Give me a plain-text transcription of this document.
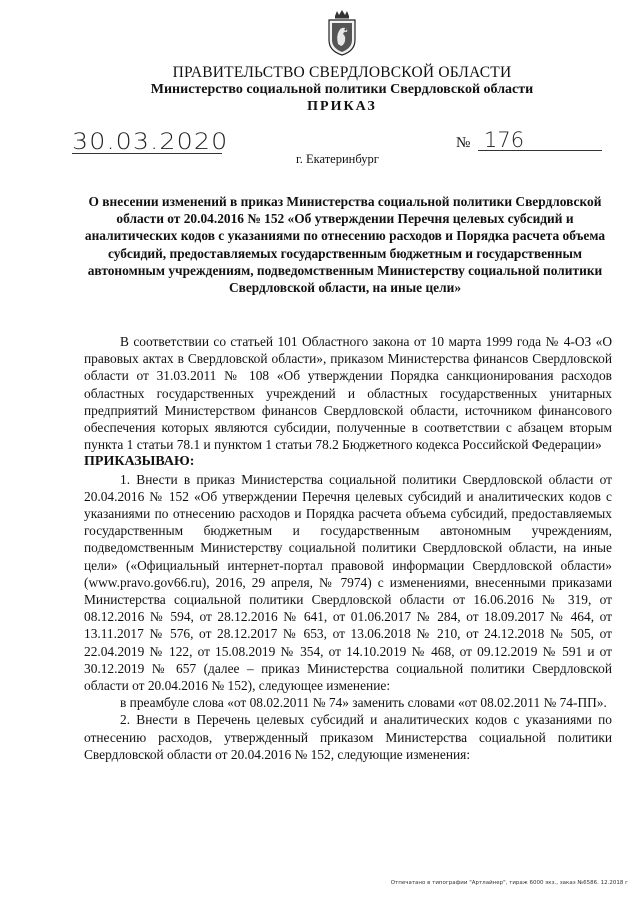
ПРАВИТЕЛЬСТВО СВЕРДЛОВСКОЙ ОБЛАСТИ
Министерство социальной политики Свердловской области
ПРИКАЗ
30.03.2020	№ 176
г. Екатеринбург
О внесении изменений в приказ Министерства социальной политики Свердловской области от 20.04.2016 № 152 «Об утверждении Перечня целевых субсидий и аналитических кодов с указаниями по отнесению расходов и Порядка расчета объема субсидий, предоставляемых государственным бюджетным и государственным автономным учреждениям, подведомственным Министерству социальной политики Свердловской области, на иные цели»

В соответствии со статьей 101 Областного закона от 10 марта 1999 года № 4-ОЗ «О правовых актах в Свердловской области», приказом Министерства финансов Свердловской области от 31.03.2011 № 108 «Об утверждении Порядка санкционирования расходов областных государственных учреждений и областных государственных унитарных предприятий Министерством финансов Свердловской области, источником финансового обеспечения которых являются субсидии, полученные в соответствии с абзацем вторым пункта 1 статьи 78.1 и пунктом 1 статьи 78.2 Бюджетного кодекса Российской Федерации»

ПРИКАЗЫВАЮ:

1. Внести в приказ Министерства социальной политики Свердловской области от 20.04.2016 № 152 «Об утверждении Перечня целевых субсидий и аналитических кодов с указаниями по отнесению расходов и Порядка расчета объема субсидий, предоставляемых государственным бюджетным и государственным автономным учреждениям, подведомственным Министерству социальной политики Свердловской области, на иные цели» («Официальный интернет-портал правовой информации Свердловской области» (www.pravo.gov66.ru), 2016, 29 апреля, № 7974) с изменениями, внесенными приказами Министерства социальной политики Свердловской области от 16.06.2016 № 319, от 08.12.2016 № 594, от 28.12.2016 № 641, от 01.06.2017 № 284, от 18.09.2017 № 464, от 13.11.2017 № 576, от 28.12.2017 № 653, от 13.06.2018 № 210, от 24.12.2018 № 505, от 22.04.2019 № 122, от 15.08.2019 № 354, от 14.10.2019 № 468, от 09.12.2019 № 591 и от 30.12.2019 № 657 (далее – приказ Министерства социальной политики Свердловской области от 20.04.2016 № 152), следующее изменение:

в преамбуле слова «от 08.02.2011 № 74» заменить словами «от 08.02.2011 № 74-ПП».

2. Внести в Перечень целевых субсидий и аналитических кодов с указаниями по отнесению расходов, утвержденный приказом Министерства социальной политики Свердловской области от 20.04.2016 № 152, следующие изменения:

Отпечатано в типографии "Артлайнер", тираж 6000 экз., заказ №6586. 12.2018 г
